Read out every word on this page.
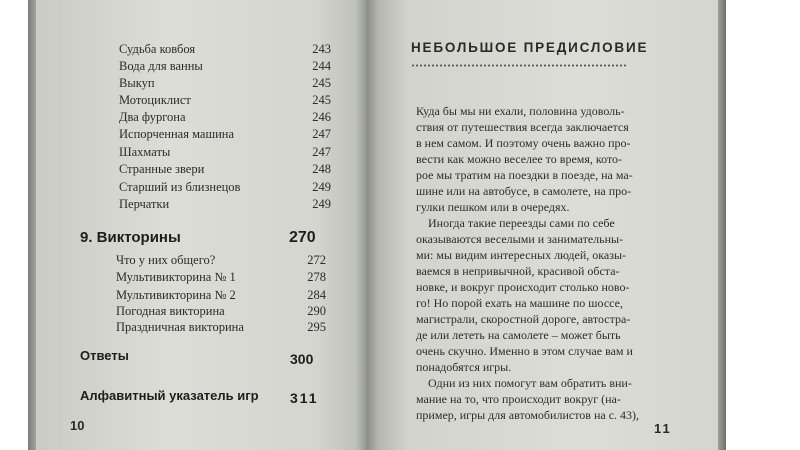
Судьба ковбоя	243
Вода для ванны	244
Выкуп	245
Мотоциклист	245
Два фургона	246
Испорченная машина	247
Шахматы	247
Странные звери	248
Старший из близнецов	249
Перчатки	249
9. Викторины	270
Что у них общего?	272
Мультивикторина № 1	278
Мультивикторина № 2	284
Погодная викторина	290
Праздничная викторина	295
Ответы	300
Алфавитный указатель игр 311
10
НЕБОЛЬШОЕ ПРЕДИСЛОВИЕ
Куда бы мы ни ехали, половина удоволь-
ствия от путешествия всегда заключается
в нем самом. И поэтому очень важно про-
вести как можно веселее то время, кото-
рое мы тратим на поездки в поезде, на ма-
шине или на автобусе, в самолете, на про-
гулки пешком или в очередях.
Иногда такие переезды сами по себе
оказываются веселыми и занимательны-
ми: мы видим интересных людей, оказы-
ваемся в непривычной, красивой обста-
новке, и вокруг происходит столько ново-
го! Но порой ехать на машине по шоссе,
магистрали, скоростной дороге, автостра-
де или лететь на самолете – может быть
очень скучно. Именно в этом случае вам и
понадобятся игры.
Одни из них помогут вам обратить вни-
мание на то, что происходит вокруг (на-
пример, игры для автомобилистов на с. 43),
11
